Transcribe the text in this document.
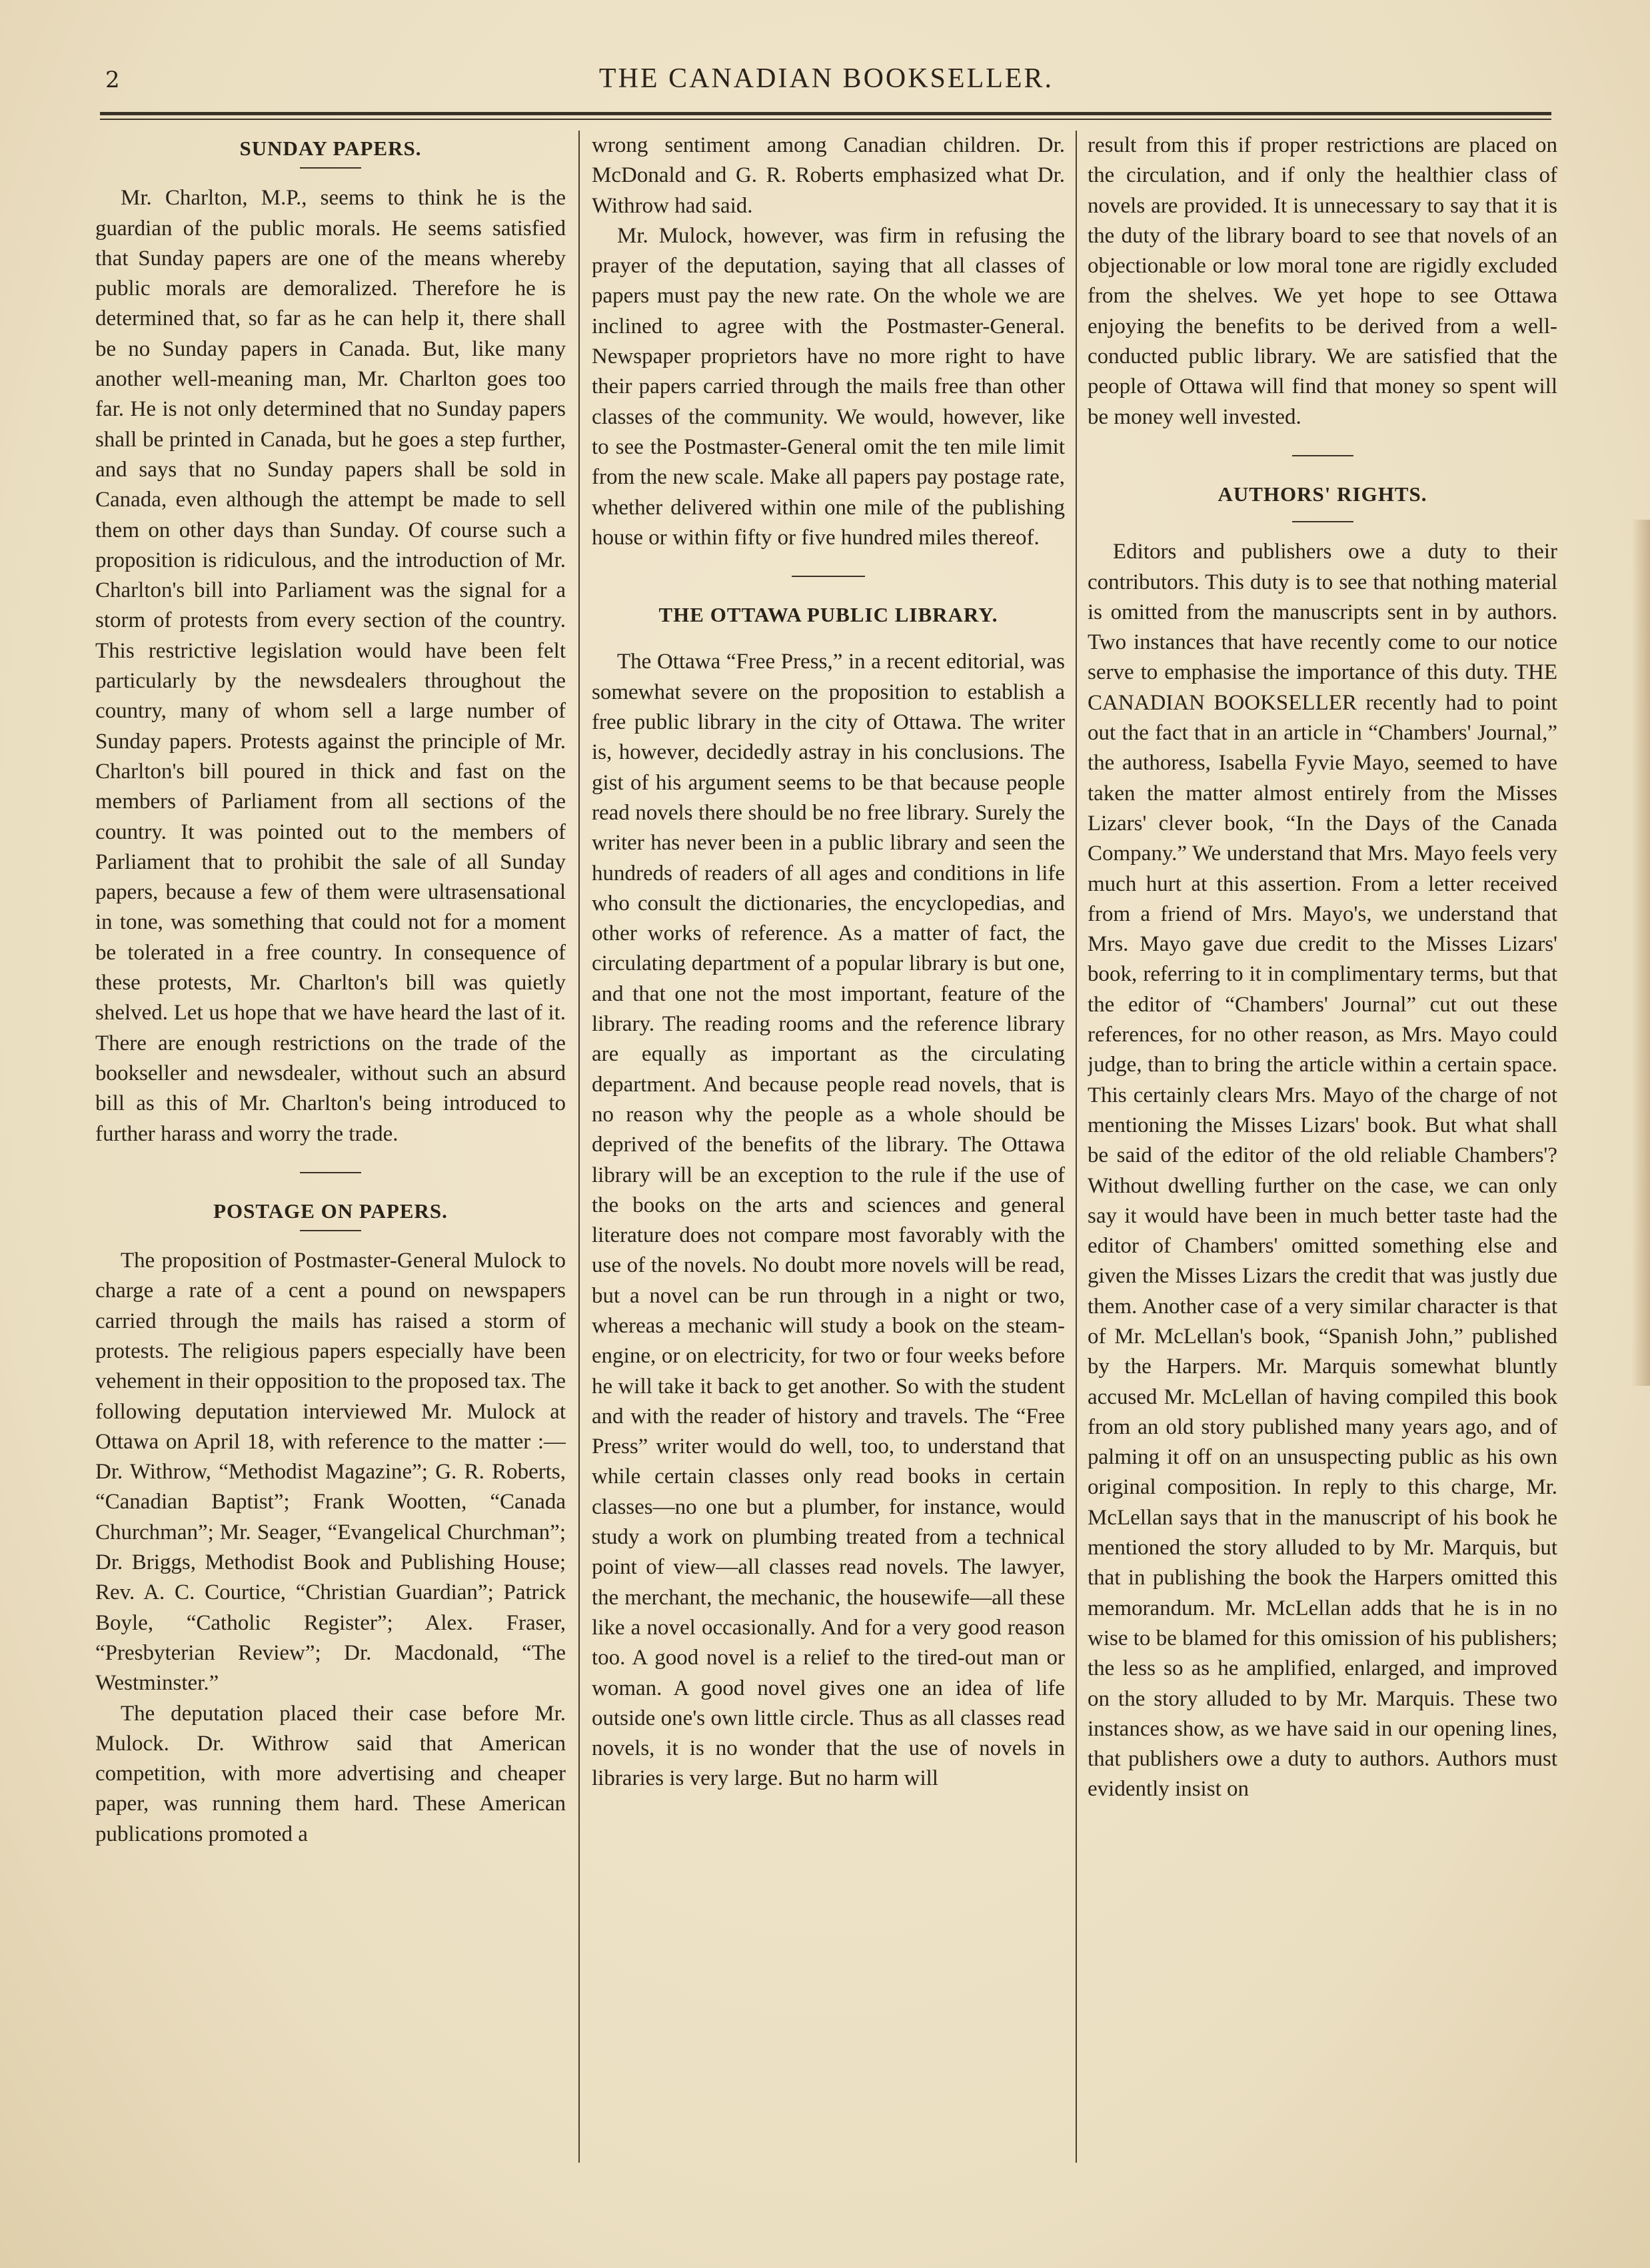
2	THE CANADIAN BOOKSELLER.
SUNDAY PAPERS.

Mr. Charlton, M.P., seems to think he is the guardian of the public morals. He seems satisfied that Sunday papers are one of the means whereby public morals are demoralized. Therefore he is determined that, so far as he can help it, there shall be no Sunday papers in Canada. But, like many another well-meaning man, Mr. Charlton goes too far. He is not only determined that no Sunday papers shall be printed in Canada, but he goes a step further, and says that no Sunday papers shall be sold in Canada, even although the attempt be made to sell them on other days than Sunday. Of course such a proposition is ridiculous, and the introduction of Mr. Charlton's bill into Parliament was the signal for a storm of protests from every section of the country. This restrictive legislation would have been felt particularly by the newsdealers throughout the country, many of whom sell a large number of Sunday papers. Protests against the principle of Mr. Charlton's bill poured in thick and fast on the members of Parliament from all sections of the country. It was pointed out to the members of Parliament that to prohibit the sale of all Sunday papers, because a few of them were ultrasensational in tone, was something that could not for a moment be tolerated in a free country. In consequence of these protests, Mr. Charlton's bill was quietly shelved. Let us hope that we have heard the last of it. There are enough restrictions on the trade of the bookseller and newsdealer, without such an absurd bill as this of Mr. Charlton's being introduced to further harass and worry the trade.

POSTAGE ON PAPERS.

The proposition of Postmaster-General Mulock to charge a rate of a cent a pound on newspapers carried through the mails has raised a storm of protests. The religious papers especially have been vehement in their opposition to the proposed tax. The following deputation interviewed Mr. Mulock at Ottawa on April 18, with reference to the matter :—Dr. Withrow, “Methodist Magazine”; G. R. Roberts, “Canadian Baptist”; Frank Wootten, “Canada Churchman”; Mr. Seager, “Evangelical Churchman”; Dr. Briggs, Methodist Book and Publishing House; Rev. A. C. Courtice, “Christian Guardian”; Patrick Boyle, “Catholic Register”; Alex. Fraser, “Presbyterian Review”; Dr. Macdonald, “The Westminster.”

The deputation placed their case before Mr. Mulock. Dr. Withrow said that American competition, with more advertising and cheaper paper, was running them hard. These American publications promoted a

wrong sentiment among Canadian children. Dr. McDonald and G. R. Roberts emphasized what Dr. Withrow had said.

Mr. Mulock, however, was firm in refusing the prayer of the deputation, saying that all classes of papers must pay the new rate. On the whole we are inclined to agree with the Postmaster-General. Newspaper proprietors have no more right to have their papers carried through the mails free than other classes of the community. We would, however, like to see the Postmaster-General omit the ten mile limit from the new scale. Make all papers pay postage rate, whether delivered within one mile of the publishing house or within fifty or five hundred miles thereof.

THE OTTAWA PUBLIC LIBRARY.

The Ottawa “Free Press,” in a recent editorial, was somewhat severe on the proposition to establish a free public library in the city of Ottawa. The writer is, however, decidedly astray in his conclusions. The gist of his argument seems to be that because people read novels there should be no free library. Surely the writer has never been in a public library and seen the hundreds of readers of all ages and conditions in life who consult the dictionaries, the encyclopedias, and other works of reference. As a matter of fact, the circulating department of a popular library is but one, and that one not the most important, feature of the library. The reading rooms and the reference library are equally as important as the circulating department. And because people read novels, that is no reason why the people as a whole should be deprived of the benefits of the library. The Ottawa library will be an exception to the rule if the use of the books on the arts and sciences and general literature does not compare most favorably with the use of the novels. No doubt more novels will be read, but a novel can be run through in a night or two, whereas a mechanic will study a book on the steam-engine, or on electricity, for two or four weeks before he will take it back to get another. So with the student and with the reader of history and travels. The “Free Press” writer would do well, too, to understand that while certain classes only read books in certain classes—no one but a plumber, for instance, would study a work on plumbing treated from a technical point of view—all classes read novels. The lawyer, the merchant, the mechanic, the housewife—all these like a novel occasionally. And for a very good reason too. A good novel is a relief to the tired-out man or woman. A good novel gives one an idea of life outside one's own little circle. Thus as all classes read novels, it is no wonder that the use of novels in libraries is very large. But no harm will

result from this if proper restrictions are placed on the circulation, and if only the healthier class of novels are provided. It is unnecessary to say that it is the duty of the library board to see that novels of an objectionable or low moral tone are rigidly excluded from the shelves. We yet hope to see Ottawa enjoying the benefits to be derived from a well-conducted public library. We are satisfied that the people of Ottawa will find that money so spent will be money well invested.

AUTHORS' RIGHTS.

Editors and publishers owe a duty to their contributors. This duty is to see that nothing material is omitted from the manuscripts sent in by authors. Two instances that have recently come to our notice serve to emphasise the importance of this duty. THE CANADIAN BOOKSELLER recently had to point out the fact that in an article in “Chambers' Journal,” the authoress, Isabella Fyvie Mayo, seemed to have taken the matter almost entirely from the Misses Lizars' clever book, “In the Days of the Canada Company.” We understand that Mrs. Mayo feels very much hurt at this assertion. From a letter received from a friend of Mrs. Mayo's, we understand that Mrs. Mayo gave due credit to the Misses Lizars' book, referring to it in complimentary terms, but that the editor of “Chambers' Journal” cut out these references, for no other reason, as Mrs. Mayo could judge, than to bring the article within a certain space. This certainly clears Mrs. Mayo of the charge of not mentioning the Misses Lizars' book. But what shall be said of the editor of the old reliable Chambers'? Without dwelling further on the case, we can only say it would have been in much better taste had the editor of Chambers' omitted something else and given the Misses Lizars the credit that was justly due them. Another case of a very similar character is that of Mr. McLellan's book, “Spanish John,” published by the Harpers. Mr. Marquis somewhat bluntly accused Mr. McLellan of having compiled this book from an old story published many years ago, and of palming it off on an unsuspecting public as his own original composition. In reply to this charge, Mr. McLellan says that in the manuscript of his book he mentioned the story alluded to by Mr. Marquis, but that in publishing the book the Harpers omitted this memorandum. Mr. McLellan adds that he is in no wise to be blamed for this omission of his publishers; the less so as he amplified, enlarged, and improved on the story alluded to by Mr. Marquis. These two instances show, as we have said in our opening lines, that publishers owe a duty to authors. Authors must evidently insist on
